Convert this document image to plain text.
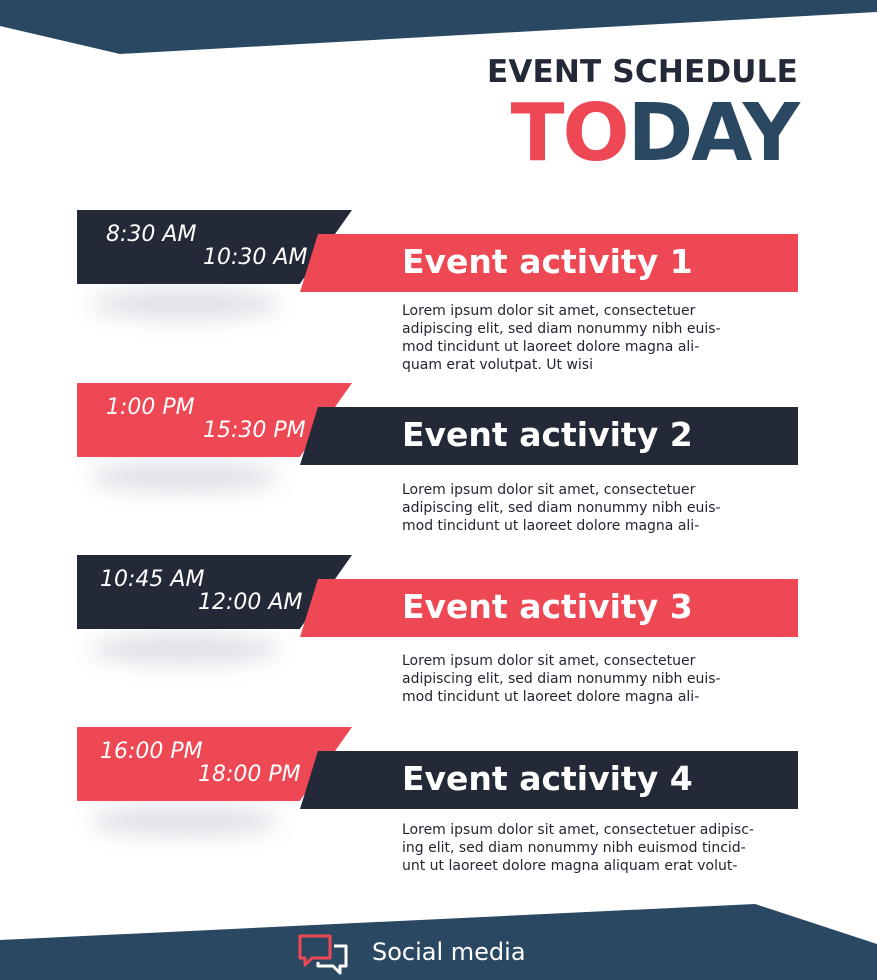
EVENT SCHEDULE
TODAY
8:30 AM
10:30 AM	Event activity 1
Lorem ipsum dolor sit amet, consectetuer
adipiscing elit, sed diam nonummy nibh euis-
mod tincidunt ut laoreet dolore magna ali-
quam erat volutpat. Ut wisi
1:00 PM
15:30 PM	Event activity 2
Lorem ipsum dolor sit amet, consectetuer
adipiscing elit, sed diam nonummy nibh euis-
mod tincidunt ut laoreet dolore magna ali-
10:45 AM
12:00 AM	Event activity 3
Lorem ipsum dolor sit amet, consectetuer
adipiscing elit, sed diam nonummy nibh euis-
mod tincidunt ut laoreet dolore magna ali-
16:00 PM
18:00 PM	Event activity 4
Lorem ipsum dolor sit amet, consectetuer adipisc-
ing elit, sed diam nonummy nibh euismod tincid-
unt ut laoreet dolore magna aliquam erat volut-
Social media
